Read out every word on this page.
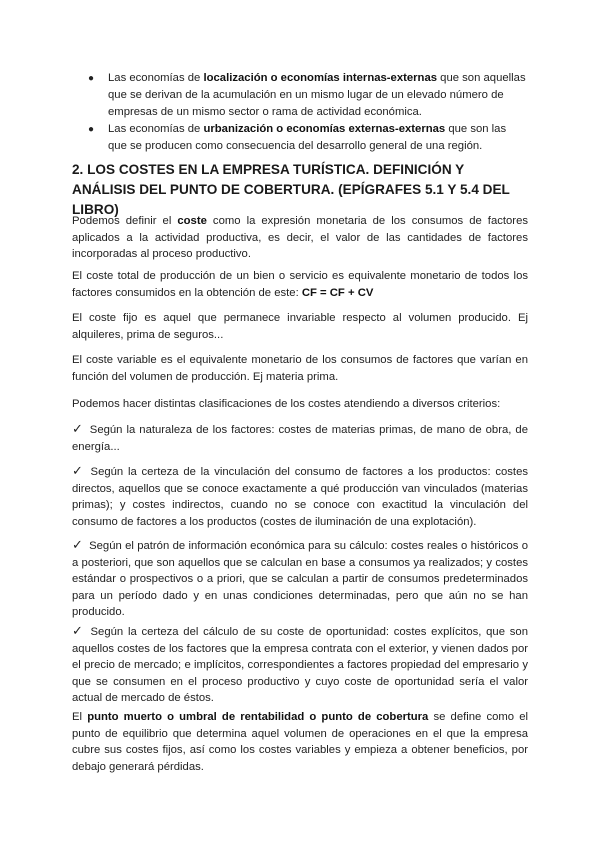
● Las economías de localización o economías internas-externas que son aquellas que se derivan de la acumulación en un mismo lugar de un elevado número de empresas de un mismo sector o rama de actividad económica.
● Las economías de urbanización o economías externas-externas que son las que se producen como consecuencia del desarrollo general de una región.
2. LOS COSTES EN LA EMPRESA TURÍSTICA. DEFINICIÓN Y ANÁLISIS DEL PUNTO DE COBERTURA. (EPÍGRAFES 5.1 Y 5.4 DEL LIBRO)

Podemos definir el coste como la expresión monetaria de los consumos de factores aplicados a la actividad productiva, es decir, el valor de las cantidades de factores incorporadas al proceso productivo.

El coste total de producción de un bien o servicio es equivalente monetario de todos los factores consumidos en la obtención de este: CF = CF + CV

El coste fijo es aquel que permanece invariable respecto al volumen producido. Ej alquileres, prima de seguros...

El coste variable es el equivalente monetario de los consumos de factores que varían en función del volumen de producción. Ej materia prima.

Podemos hacer distintas clasificaciones de los costes atendiendo a diversos criterios:

✓ Según la naturaleza de los factores: costes de materias primas, de mano de obra, de energía...

✓ Según la certeza de la vinculación del consumo de factores a los productos: costes directos, aquellos que se conoce exactamente a qué producción van vinculados (materias primas); y costes indirectos, cuando no se conoce con exactitud la vinculación del consumo de factores a los productos (costes de iluminación de una explotación).

✓ Según el patrón de información económica para su cálculo: costes reales o históricos o a posteriori, que son aquellos que se calculan en base a consumos ya realizados; y costes estándar o prospectivos o a priori, que se calculan a partir de consumos predeterminados para un período dado y en unas condiciones determinadas, pero que aún no se han producido.

✓ Según la certeza del cálculo de su coste de oportunidad: costes explícitos, que son aquellos costes de los factores que la empresa contrata con el exterior, y vienen dados por el precio de mercado; e implícitos, correspondientes a factores propiedad del empresario y que se consumen en el proceso productivo y cuyo coste de oportunidad sería el valor actual de mercado de éstos.

El punto muerto o umbral de rentabilidad o punto de cobertura se define como el punto de equilibrio que determina aquel volumen de operaciones en el que la empresa cubre sus costes fijos, así como los costes variables y empieza a obtener beneficios, por debajo generará pérdidas.
